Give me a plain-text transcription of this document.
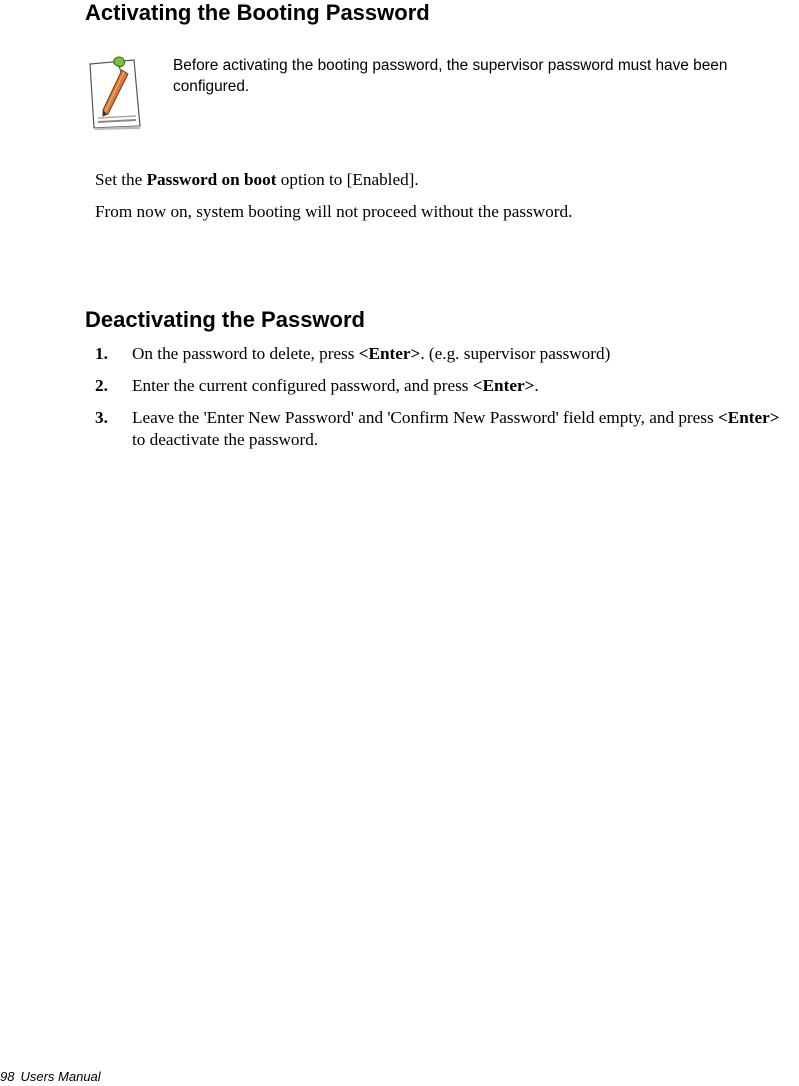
Activating the Booting Password
Before activating the booting password, the supervisor password must have been configured.
Set the Password on boot option to [Enabled].
From now on, system booting will not proceed without the password.
Deactivating the Password
1. On the password to delete, press <Enter>. (e.g. supervisor password)
2. Enter the current configured password, and press <Enter>.
3. Leave the 'Enter New Password' and 'Confirm New Password' field empty, and press <Enter> to deactivate the password.
98 Users Manual
